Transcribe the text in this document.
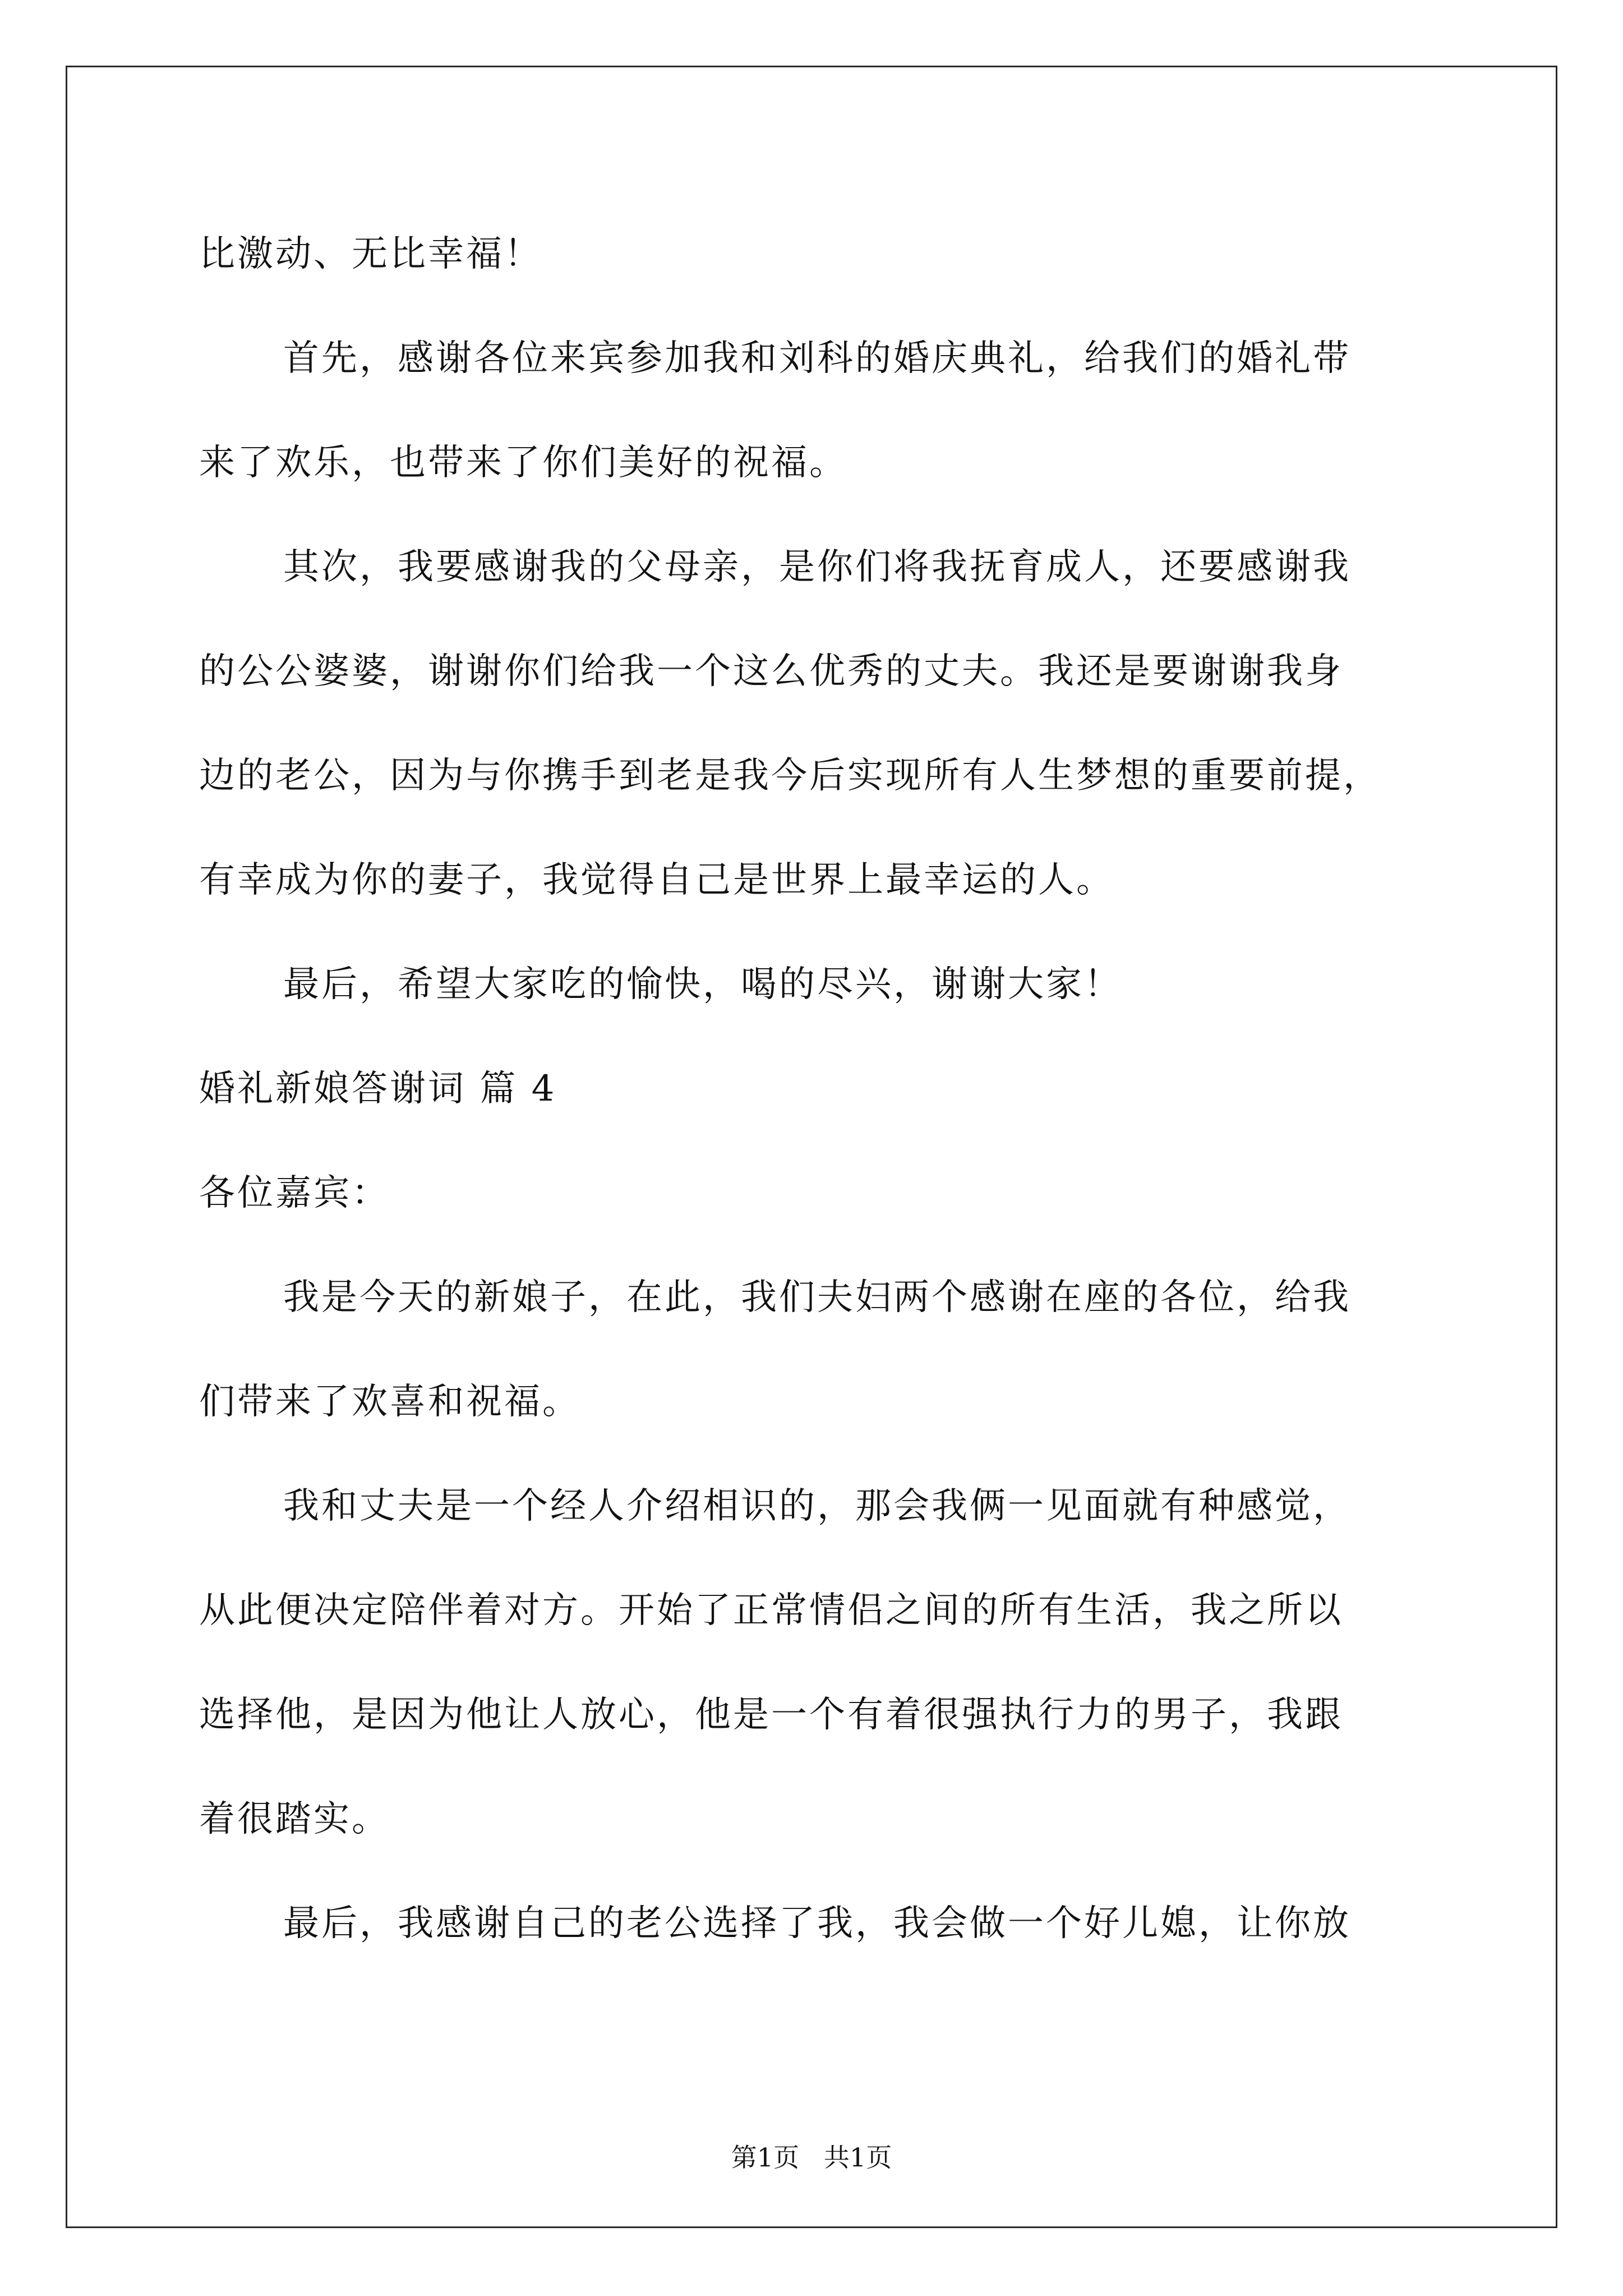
比激动、无比幸福！
首先，感谢各位来宾参加我和刘科的婚庆典礼，给我们的婚礼带
来了欢乐，也带来了你们美好的祝福。
其次，我要感谢我的父母亲，是你们将我抚育成人，还要感谢我
的公公婆婆，谢谢你们给我一个这么优秀的丈夫。我还是要谢谢我身
边的老公，因为与你携手到老是我今后实现所有人生梦想的重要前提，
有幸成为你的妻子，我觉得自己是世界上最幸运的人。
最后，希望大家吃的愉快，喝的尽兴，谢谢大家！
婚礼新娘答谢词 篇 4
各位嘉宾：
我是今天的新娘子，在此，我们夫妇两个感谢在座的各位，给我
们带来了欢喜和祝福。
我和丈夫是一个经人介绍相识的，那会我俩一见面就有种感觉，
从此便决定陪伴着对方。开始了正常情侣之间的所有生活，我之所以
选择他，是因为他让人放心，他是一个有着很强执行力的男子，我跟
着很踏实。
最后，我感谢自己的老公选择了我，我会做一个好儿媳，让你放
第1页   共1页
